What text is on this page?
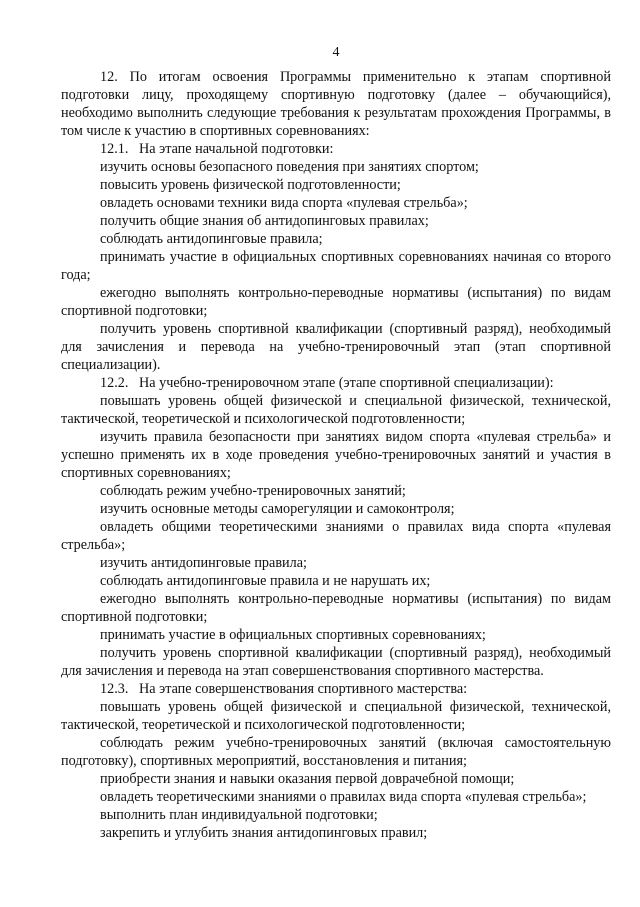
4

12. По итогам освоения Программы применительно к этапам спортивной подготовки лицу, проходящему спортивную подготовку (далее – обучающийся), необходимо выполнить следующие требования к результатам прохождения Программы, в том числе к участию в спортивных соревнованиях:

12.1.   На этапе начальной подготовки:

изучить основы безопасного поведения при занятиях спортом;

повысить уровень физической подготовленности;

овладеть основами техники вида спорта «пулевая стрельба»;

получить общие знания об антидопинговых правилах;

соблюдать антидопинговые правила;

принимать участие в официальных спортивных соревнованиях начиная со второго года;

ежегодно выполнять контрольно-переводные нормативы (испытания) по видам спортивной подготовки;

получить уровень спортивной квалификации (спортивный разряд), необходимый для зачисления и перевода на учебно-тренировочный этап (этап спортивной специализации).

12.2.   На учебно-тренировочном этапе (этапе спортивной специализации):

повышать уровень общей физической и специальной физической, технической, тактической, теоретической и психологической подготовленности;

изучить правила безопасности при занятиях видом спорта «пулевая стрельба» и успешно применять их в ходе проведения учебно-тренировочных занятий и участия в спортивных соревнованиях;

соблюдать режим учебно-тренировочных занятий;

изучить основные методы саморегуляции и самоконтроля;

овладеть общими теоретическими знаниями о правилах вида спорта «пулевая стрельба»;

изучить антидопинговые правила;

соблюдать антидопинговые правила и не нарушать их;

ежегодно выполнять контрольно-переводные нормативы (испытания) по видам спортивной подготовки;

принимать участие в официальных спортивных соревнованиях;

получить уровень спортивной квалификации (спортивный разряд), необходимый для зачисления и перевода на этап совершенствования спортивного мастерства.

12.3.   На этапе совершенствования спортивного мастерства:

повышать уровень общей физической и специальной физической, технической, тактической, теоретической и психологической подготовленности;

соблюдать режим учебно-тренировочных занятий (включая самостоятельную подготовку), спортивных мероприятий, восстановления и питания;

приобрести знания и навыки оказания первой доврачебной помощи;

овладеть теоретическими знаниями о правилах вида спорта «пулевая стрельба»;

выполнить план индивидуальной подготовки;

закрепить и углубить знания антидопинговых правил;
